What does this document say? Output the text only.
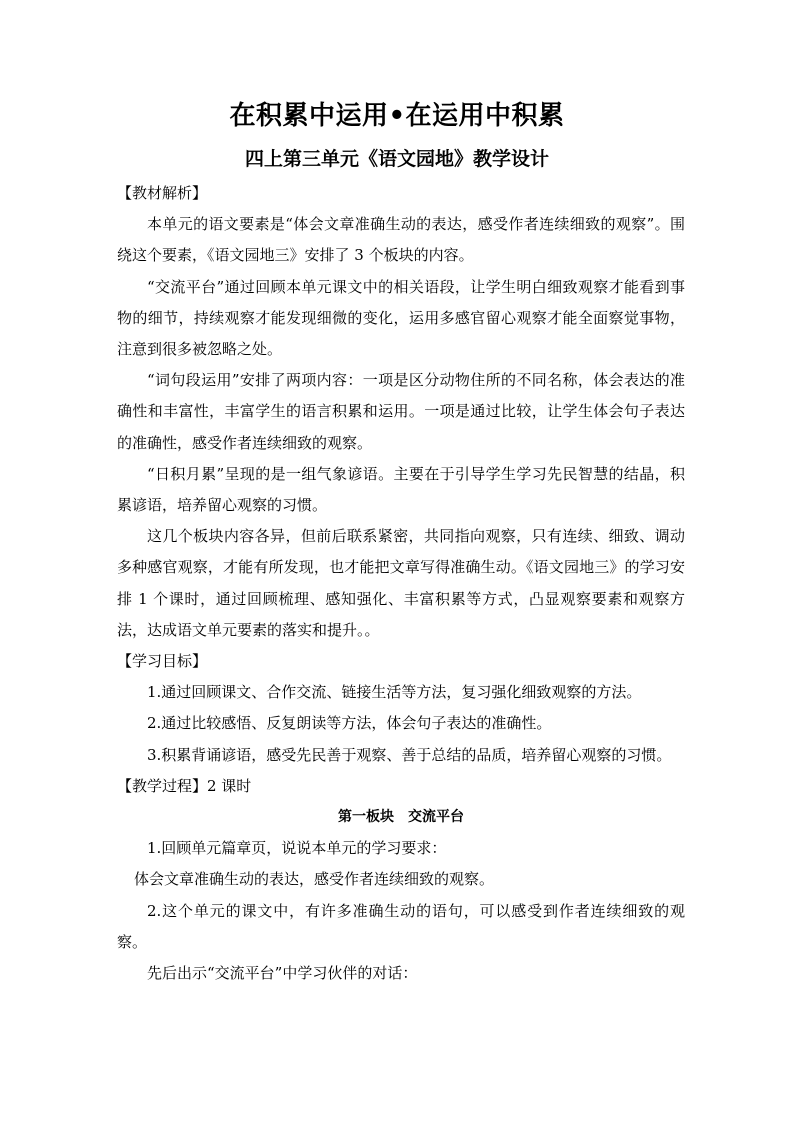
在积累中运用•在运用中积累
四上第三单元《语文园地》教学设计

【教材解析】

本单元的语文要素是“体会文章准确生动的表达，感受作者连续细致的观察”。围绕这个要素，《语文园地三》安排了 3 个板块的内容。

“交流平台”通过回顾本单元课文中的相关语段，让学生明白细致观察才能看到事物的细节，持续观察才能发现细微的变化，运用多感官留心观察才能全面察觉事物，注意到很多被忽略之处。

“词句段运用”安排了两项内容：一项是区分动物住所的不同名称，体会表达的准确性和丰富性，丰富学生的语言积累和运用。一项是通过比较，让学生体会句子表达的准确性，感受作者连续细致的观察。

“日积月累”呈现的是一组气象谚语。主要在于引导学生学习先民智慧的结晶，积累谚语，培养留心观察的习惯。

这几个板块内容各异，但前后联系紧密，共同指向观察，只有连续、细致、调动多种感官观察，才能有所发现，也才能把文章写得准确生动。《语文园地三》的学习安排 1 个课时，通过回顾梳理、感知强化、丰富积累等方式，凸显观察要素和观察方法，达成语文单元要素的落实和提升。。

【学习目标】

1.通过回顾课文、合作交流、链接生活等方法，复习强化细致观察的方法。

2.通过比较感悟、反复朗读等方法，体会句子表达的准确性。

3.积累背诵谚语，感受先民善于观察、善于总结的品质，培养留心观察的习惯。

【教学过程】2 课时

第一板块　交流平台

1.回顾单元篇章页，说说本单元的学习要求：

体会文章准确生动的表达，感受作者连续细致的观察。

2.这个单元的课文中，有许多准确生动的语句，可以感受到作者连续细致的观察。

先后出示“交流平台”中学习伙伴的对话：
